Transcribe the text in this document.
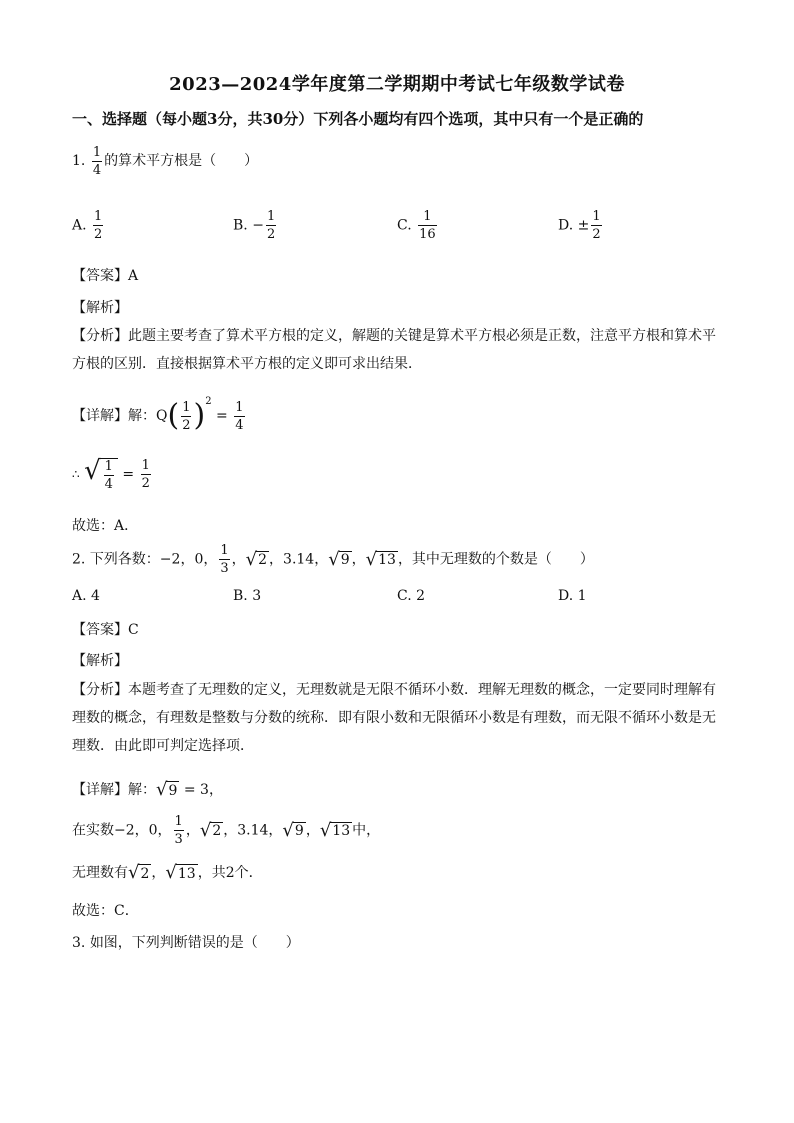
2023—2024学年度第二学期期中考试七年级数学试卷
一、选择题（每小题3分，共30分）下列各小题均有四个选项，其中只有一个是正确的
1. $\frac{1}{4}$ 的算术平方根是（　　）
A. $\frac{1}{2}$	B. − $\frac{1}{2}$	C. $\frac{1}{16}$	D. ± $\frac{1}{2}$
【答案】A
【解析】
【分析】此题主要考查了算术平方根的定义，解题的关键是算术平方根必须是正数，注意平方根和算术平方根的区别．直接根据算术平方根的定义即可求出结果．
【详解】解：$Q( \frac{1}{2} )^2 = \frac{1}{4}$
∴ √ $\frac{1}{4} = \frac{1}{2}$
故选：A．
2. 下列各数：−2，0， $\frac{1}{3}$ ， √ 2 ，3.14， √ 9 ， √ 13 ，其中无理数的个数是（　　）
A. 4	B. 3	C. 2	D. 1
【答案】C
【解析】
【分析】本题考查了无理数的定义，无理数就是无限不循环小数．理解无理数的概念，一定要同时理解有理数的概念，有理数是整数与分数的统称．即有限小数和无限循环小数是有理数，而无限不循环小数是无理数．由此即可判定选择项．
【详解】解： √ 9 = 3，
在实数−2，0， $\frac{1}{3}$ ， √ 2 ，3.14， √ 9 ， √ 13 中，
无理数有 √ 2 ， √ 13 ，共2个．
故选：C．
3. 如图，下列判断错误的是（　　）
